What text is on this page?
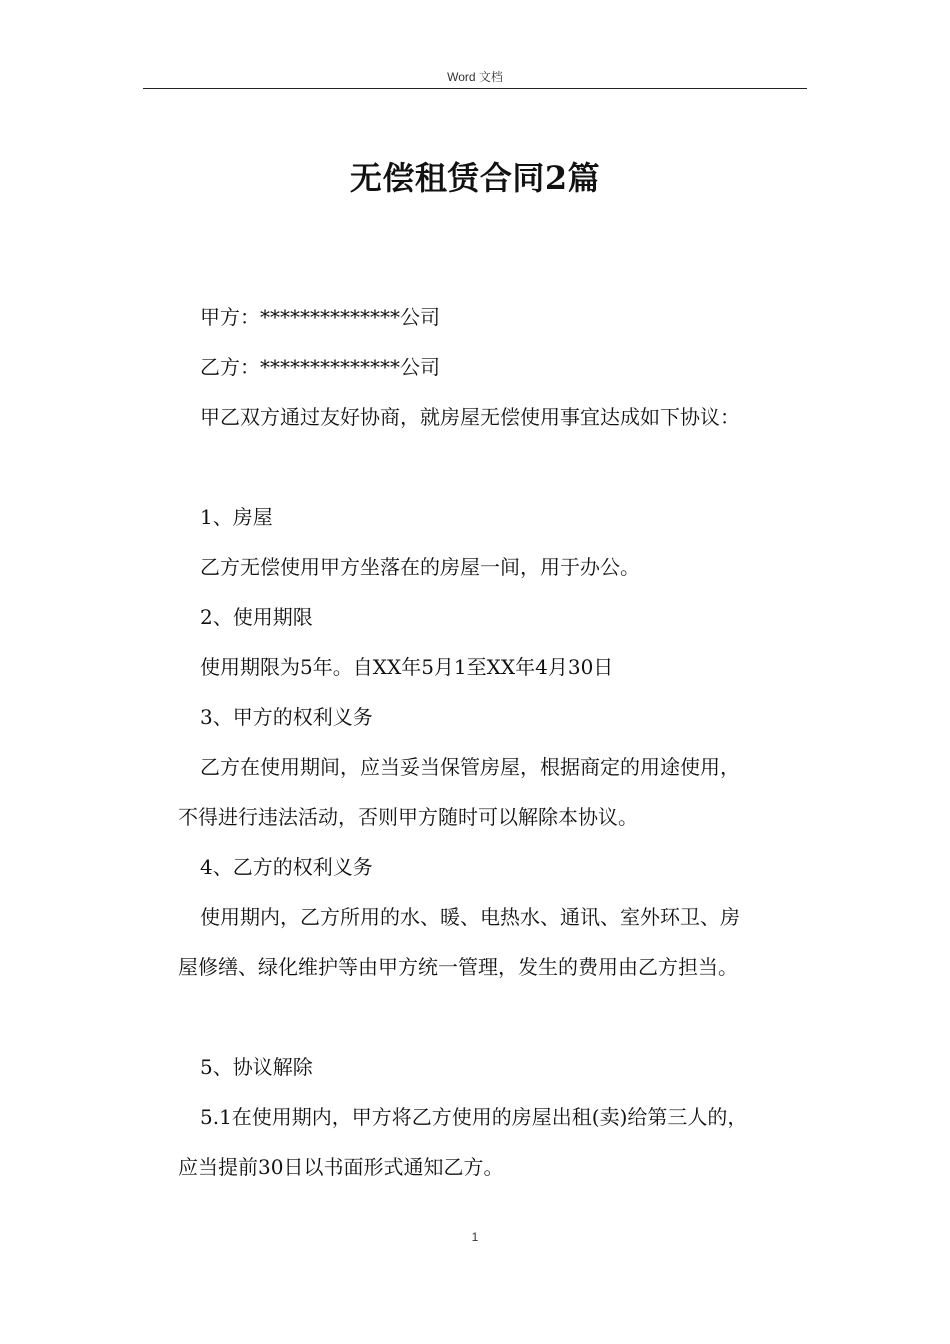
Word 文档
无偿租赁合同2篇

甲方：**************公司

乙方：**************公司

甲乙双方通过友好协商，就房屋无偿使用事宜达成如下协议：

1、房屋

乙方无偿使用甲方坐落在的房屋一间，用于办公。

2、使用期限

使用期限为5年。自XX年5月1至XX年4月30日

3、甲方的权利义务

乙方在使用期间，应当妥当保管房屋，根据商定的用途使用，

不得进行违法活动，否则甲方随时可以解除本协议。

4、乙方的权利义务

使用期内，乙方所用的水、暖、电热水、通讯、室外环卫、房

屋修缮、绿化维护等由甲方统一管理，发生的费用由乙方担当。

5、协议解除

5.1在使用期内，甲方将乙方使用的房屋出租(卖)给第三人的，

应当提前30日以书面形式通知乙方。

1
